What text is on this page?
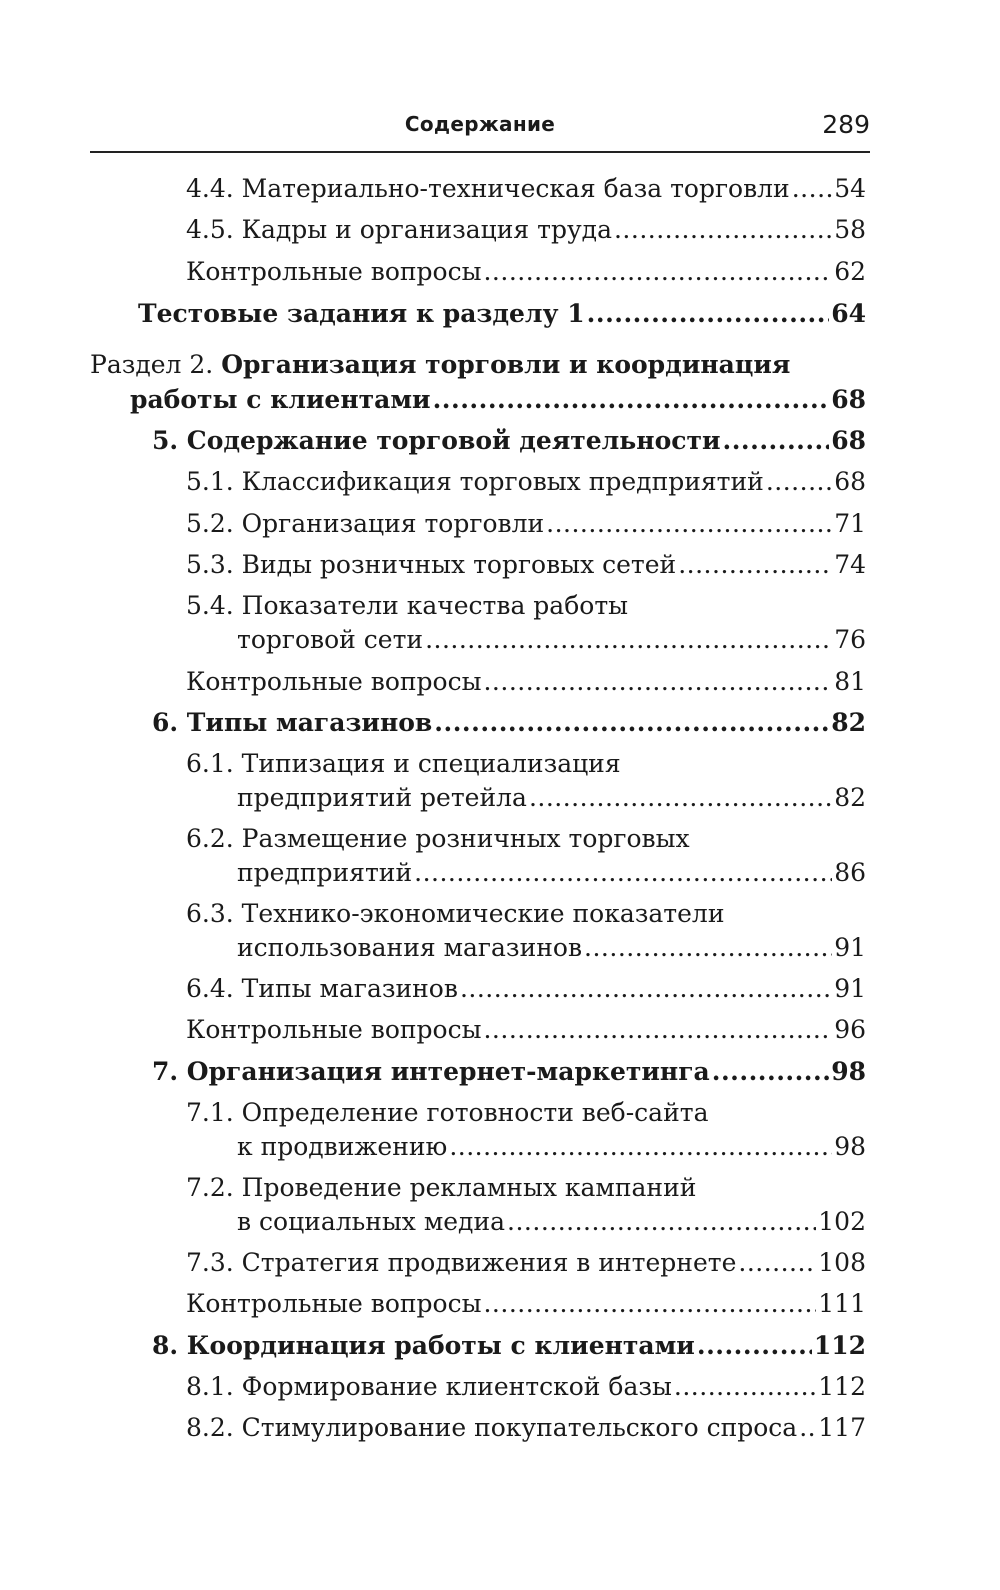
Содержание	289
4.4. Материально-техническая база торговли ..... 54
4.5. Кадры и организация труда .....	58
Контрольные вопросы .....	62
Тестовые задания к разделу 1 .....	64
Раздел 2. Организация торговли и координация
работы с клиентами .....	68
5. Содержание торговой деятельности .....	68
5.1. Классификация торговых предприятий .....	68
5.2. Организация торговли .....	71
5.3. Виды розничных торговых сетей .....	74
5.4. Показатели качества работы
торговой сети .....	76
Контрольные вопросы .....	81
6. Типы магазинов .....	82
6.1. Типизация и специализация
предприятий ретейла .....	82
6.2. Размещение розничных торговых
предприятий .....	86
6.3. Технико-экономические показатели
использования магазинов .....	91
6.4. Типы магазинов .....	91
Контрольные вопросы .....	96
7. Организация интернет-маркетинга .....	98
7.1. Определение готовности веб-сайта
к продвижению .....	98
7.2. Проведение рекламных кампаний
в социальных медиа .....	102
7.3. Стратегия продвижения в интернете .....	108
Контрольные вопросы .....	111
8. Координация работы с клиентами .....	112
8.1. Формирование клиентской базы .....	112
8.2. Стимулирование покупательского спроса ..... 117
